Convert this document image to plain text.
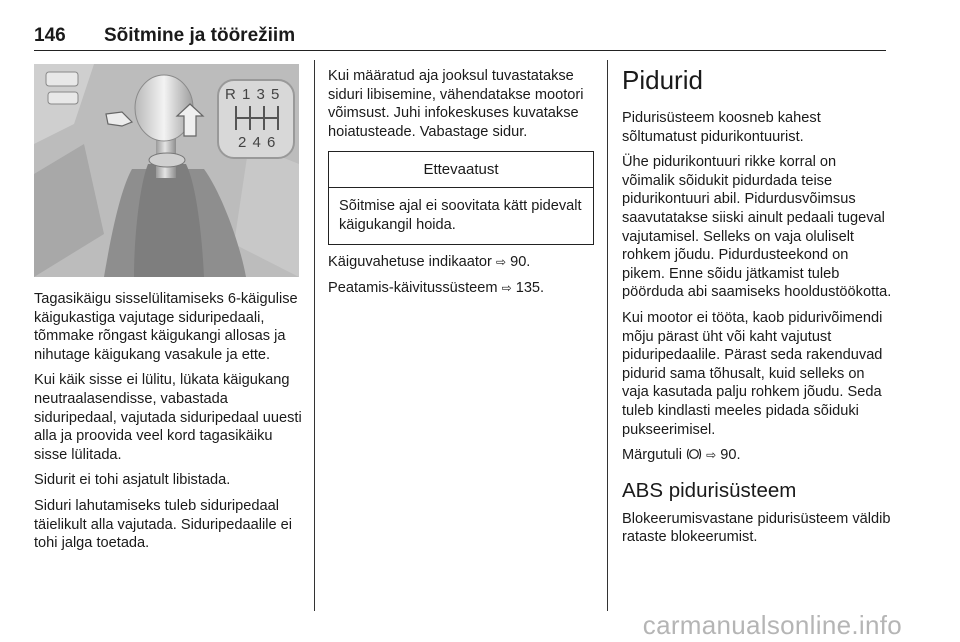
146 Sõitmine ja töörežiim
R 1 3 5
2 4 6

Tagasikäigu sisselülitamiseks 6-käigulise käigukastiga vajutage siduripedaali, tõmmake rõngast käigukangi allosas ja nihutage käigukang vasakule ja ette.

Kui käik sisse ei lülitu, lükata käigukang neutraalasendisse, vabastada siduripedaal, vajutada siduripedaal uuesti alla ja proovida veel kord tagasikäiku sisse lülitada.

Sidurit ei tohi asjatult libistada.

Siduri lahutamiseks tuleb siduripedaal täielikult alla vajutada. Siduripedaalile ei tohi jalga toetada.

Kui määratud aja jooksul tuvastatakse siduri libisemine, vähendatakse mootori võimsust. Juhi infokeskuses kuvatakse hoiatusteade. Vabastage sidur.

Ettevaatust
Sõitmise ajal ei soovitata kätt pidevalt käigukangil hoida.

Käiguvahetuse indikaator ⇨ 90.

Peatamis-käivitussüsteem ⇨ 135.

Pidurid

Pidurisüsteem koosneb kahest sõltumatust pidurikontuurist.

Ühe pidurikontuuri rikke korral on võimalik sõidukit pidurdada teise pidurikontuuri abil. Pidurdusvõimsus saavutatakse siiski ainult pedaali tugeval vajutamisel. Selleks on vaja oluliselt rohkem jõudu. Pidurdusteekond on pikem. Enne sõidu jätkamist tuleb pöörduda abi saamiseks hooldustöökotta.

Kui mootor ei tööta, kaob pidurivõimendi mõju pärast üht või kaht vajutust piduripedaalile. Pärast seda rakenduvad pidurid sama tõhusalt, kuid selleks on vaja kasutada palju rohkem jõudu. Seda tuleb kindlasti meeles pidada sõiduki pukseerimisel.

Märgutuli ⇨ 90.

ABS pidurisüsteem

Blokeerumisvastane pidurisüsteem väldib rataste blokeerumist.

carmanualsonline.info
